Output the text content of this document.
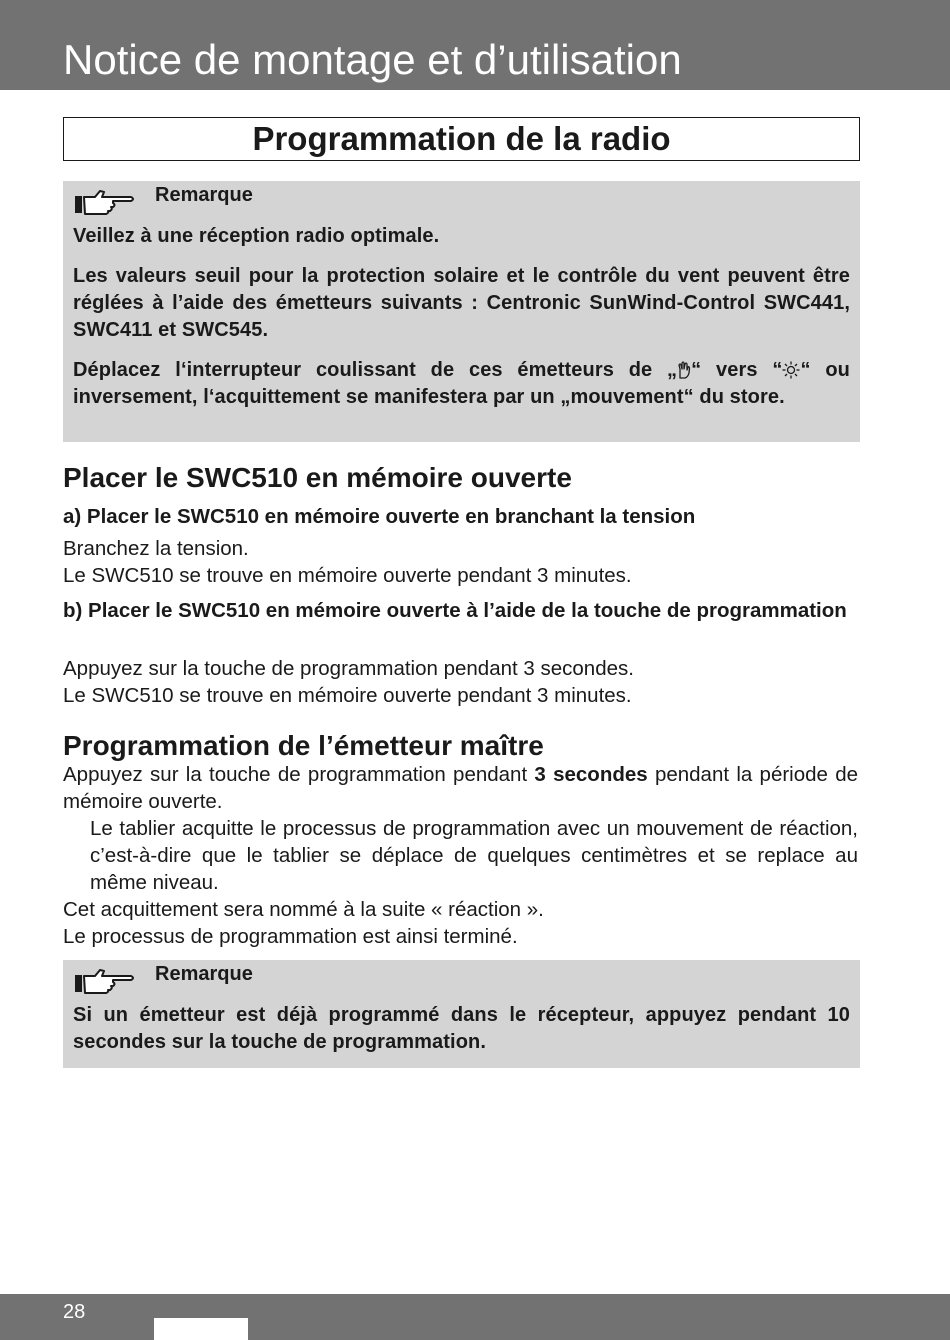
Notice de montage et d’utilisation
Programmation de la radio
Remarque

Veillez à une réception radio optimale.

Les valeurs seuil pour la protection solaire et le contrôle du vent peuvent être réglées à l’aide des émetteurs suivants : Centronic SunWind-Control SWC441, SWC411 et SWC545.

Déplacez l‘interrupteur coulissant de ces émetteurs de „ “ vers “ “ ou inversement, l‘acquittement se manifestera par un „mouvement“ du store.

Placer le SWC510 en mémoire ouverte
a) Placer le SWC510 en mémoire ouverte en branchant la tension
Branchez la tension.
Le SWC510 se trouve en mémoire ouverte pendant 3 minutes.
b) Placer le SWC510 en mémoire ouverte à l’aide de la touche de programmation
Appuyez sur la touche de programmation pendant 3 secondes.
Le SWC510 se trouve en mémoire ouverte pendant 3 minutes.
Programmation de l’émetteur maître
Appuyez sur la touche de programmation pendant 3 secondes pendant la période de mémoire ouverte.
Le tablier acquitte le processus de programmation avec un mouvement de réaction, c’est-à-dire que le tablier se déplace de quelques centimètres et se replace au même niveau.
Cet acquittement sera nommé à la suite « réaction ».
Le processus de programmation est ainsi terminé.
Remarque

Si un émetteur est déjà programmé dans le récepteur, appuyez pendant 10 secondes sur la touche de programmation.

28
